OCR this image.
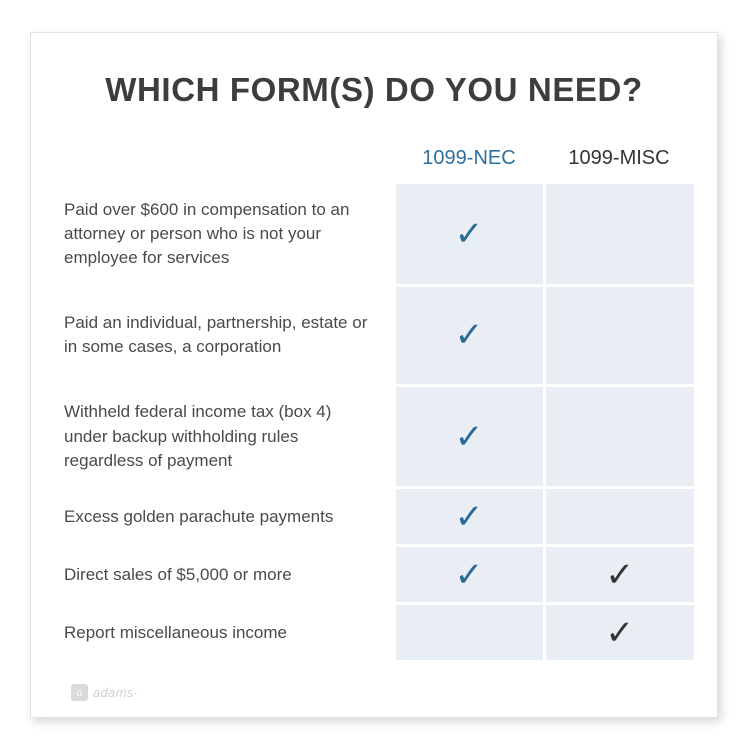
WHICH FORM(S) DO YOU NEED?
	1099-NEC	1099-MISC
Paid over $600 in compensation to an attorney or person who is not your employee for services	✓	
Paid an individual, partnership, estate or in some cases, a corporation	✓	
Withheld federal income tax (box 4) under backup withholding rules regardless of payment	✓	
Excess golden parachute payments	✓	
Direct sales of $5,000 or more	✓	✓
Report miscellaneous income		✓
a adams·
